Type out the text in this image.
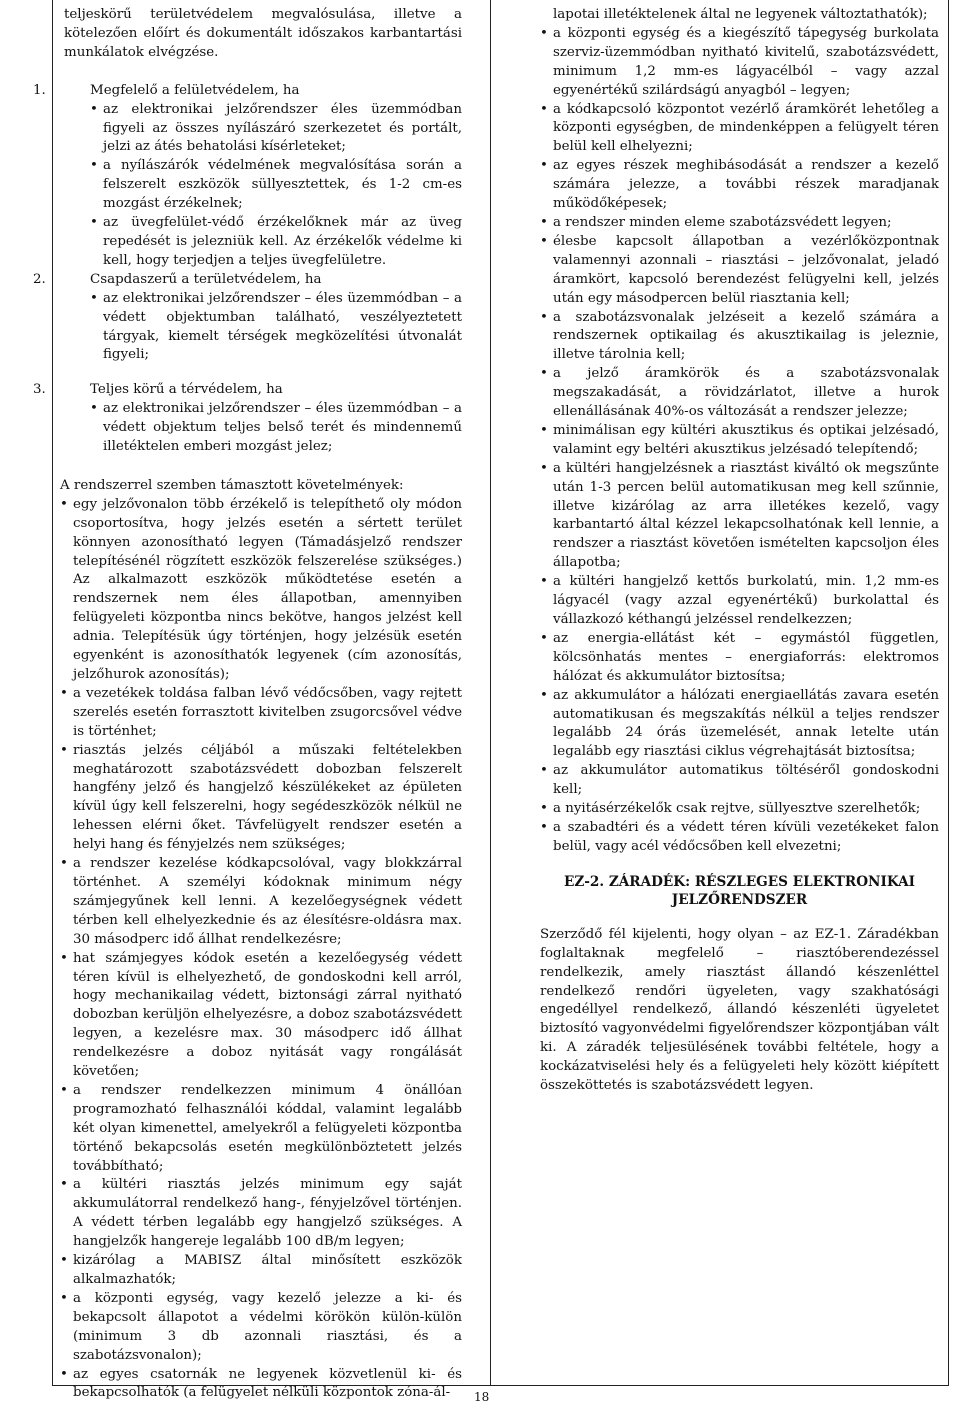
teljeskörű területvédelem megvalósulása, illetve a kötelezően előírt és dokumentált időszakos karbantartási munkálatok elvégzése.

1.	Megfelelő a felületvédelem, ha

• az elektronikai jelzőrendszer éles üzemmódban figyeli az összes nyílászáró szerkezetet és portált, jelzi az átés behatolási kísérleteket;
• a nyílászárók védelmének megvalósítása során a felszerelt eszközök süllyesztettek, és 1-2 cm-es mozgást érzékelnek;
• az üvegfelület-védő érzékelőknek már az üveg repedését is jelezniük kell. Az érzékelők védelme ki kell, hogy terjedjen a teljes üvegfelületre.
2.	Csapdaszerű a területvédelem, ha

• az elektronikai jelzőrendszer – éles üzemmódban – a védett objektumban található, veszélyeztetett tárgyak, kiemelt térségek megközelítési útvonalát figyeli;
3.	Teljes körű a térvédelem, ha

• az elektronikai jelzőrendszer – éles üzemmódban – a védett objektum teljes belső terét és mindennemű illetéktelen emberi mozgást jelez;

A rendszerrel szemben támasztott követelmények:

• egy jelzővonalon több érzékelő is telepíthető oly módon csoportosítva, hogy jelzés esetén a sértett terület könnyen azonosítható legyen (Támadásjelző rendszer telepítésénél rögzített eszközök felszerelése szükséges.) Az alkalmazott eszközök működtetése esetén a rendszernek nem éles állapotban, amennyiben felügyeleti központba nincs bekötve, hangos jelzést kell adnia. Telepítésük úgy történjen, hogy jelzésük esetén egyenként is azonosíthatók legyenek (cím azonosítás, jelzőhurok azonosítás);
• a vezetékek toldása falban lévő védőcsőben, vagy rejtett szerelés esetén forrasztott kivitelben zsugorcsővel védve is történhet;
• riasztás jelzés céljából a műszaki feltételekben meghatározott szabotázsvédett dobozban felszerelt hangfény jelző és hangjelző készülékeket az épületen kívül úgy kell felszerelni, hogy segédeszközök nélkül ne lehessen elérni őket. Távfelügyelt rendszer esetén a helyi hang és fényjelzés nem szükséges;
• a rendszer kezelése kódkapcsolóval, vagy blokkzárral történhet. A személyi kódoknak minimum négy számjegyűnek kell lenni. A kezelőegységnek védett térben kell elhelyezkednie és az élesítésre-oldásra max. 30 másodperc idő állhat rendelkezésre;
• hat számjegyes kódok esetén a kezelőegység védett téren kívül is elhelyezhető, de gondoskodni kell arról, hogy mechanikailag védett, biztonsági zárral nyitható dobozban kerüljön elhelyezésre, a doboz szabotázsvédett legyen, a kezelésre max. 30 másodperc idő állhat rendelkezésre a doboz nyitását vagy rongálását követően;
• a rendszer rendelkezzen minimum 4 önállóan programozható felhasználói kóddal, valamint legalább két olyan kimenettel, amelyekről a felügyeleti központba történő bekapcsolás esetén megkülönböztetett jelzés továbbítható;
• a kültéri riasztás jelzés minimum egy saját akkumulátorral rendelkező hang-, fényjelzővel történjen. A védett térben legalább egy hangjelző szükséges. A hangjelzők hangereje legalább 100 dB/m legyen;
• kizárólag a MABISZ által minősített eszközök alkalmazhatók;
• a központi egység, vagy kezelő jelezze a ki- és bekapcsolt állapotot a védelmi körökön külön-külön (minimum 3 db azonnali riasztási, és a szabotázsvonalon);
• az egyes csatornák ne legyenek közvetlenül ki- és bekapcsolhatók (a felügyelet nélküli központok zóna-ál-

lapotai illetéktelenek által ne legyenek változtathatók);

• a központi egység és a kiegészítő tápegység burkolata szerviz-üzemmódban nyitható kivitelű, szabotázsvédett, minimum 1,2 mm-es lágyacélból – vagy azzal egyenértékű szilárdságú anyagból – legyen;
• a kódkapcsoló központot vezérlő áramkörét lehetőleg a központi egységben, de mindenképpen a felügyelt téren belül kell elhelyezni;
• az egyes részek meghibásodását a rendszer a kezelő számára jelezze, a további részek maradjanak működőképesek;
• a rendszer minden eleme szabotázsvédett legyen;
• élesbe kapcsolt állapotban a vezérlőközpontnak valamennyi azonnali – riasztási – jelzővonalat, jeladó áramkört, kapcsoló berendezést felügyelni kell, jelzés után egy másodpercen belül riasztania kell;
• a szabotázsvonalak jelzéseit a kezelő számára a rendszernek optikailag és akusztikailag is jeleznie, illetve tárolnia kell;
• a jelző áramkörök és a szabotázsvonalak megszakadását, a rövidzárlatot, illetve a hurok ellenállásának 40%-os változását a rendszer jelezze;
• minimálisan egy kültéri akusztikus és optikai jelzésadó, valamint egy beltéri akusztikus jelzésadó telepítendő;
• a kültéri hangjelzésnek a riasztást kiváltó ok megszűnte után 1-3 percen belül automatikusan meg kell szűnnie, illetve kizárólag az arra illetékes kezelő, vagy karbantartó által kézzel lekapcsolhatónak kell lennie, a rendszer a riasztást követően ismételten kapcsoljon éles állapotba;
• a kültéri hangjelző kettős burkolatú, min. 1,2 mm-es lágyacél (vagy azzal egyenértékű) burkolattal és vállazkozó kéthangú jelzéssel rendelkezzen;
• az energia-ellátást két – egymástól független, kölcsönhatás mentes – energiaforrás: elektromos hálózat és akkumulátor biztosítsa;
• az akkumulátor a hálózati energiaellátás zavara esetén automatikusan és megszakítás nélkül a teljes rendszer legalább 24 órás üzemelését, annak letelte után legalább egy riasztási ciklus végrehajtását biztosítsa;
• az akkumulátor automatikus töltéséről gondoskodni kell;
• a nyitásérzékelők csak rejtve, süllyesztve szerelhetők;
• a szabadtéri és a védett téren kívüli vezetékeket falon belül, vagy acél védőcsőben kell elvezetni;
EZ-2. ZÁRADÉK: RÉSZLEGES ELEKTRONIKAI JELZŐRENDSZER

Szerződő fél kijelenti, hogy olyan – az EZ-1. Záradékban foglaltaknak megfelelő – riasztóberendezéssel rendelkezik, amely riasztást állandó készenléttel rendelkező rendőri ügyeleten, vagy szakhatósági engedéllyel rendelkező, állandó készenléti ügyeletet biztosító vagyonvédelmi figyelőrendszer központjában vált ki. A záradék teljesülésének további feltétele, hogy a kockázatviselési hely és a felügyeleti hely között kiépített összeköttetés is szabotázsvédett legyen.

18
